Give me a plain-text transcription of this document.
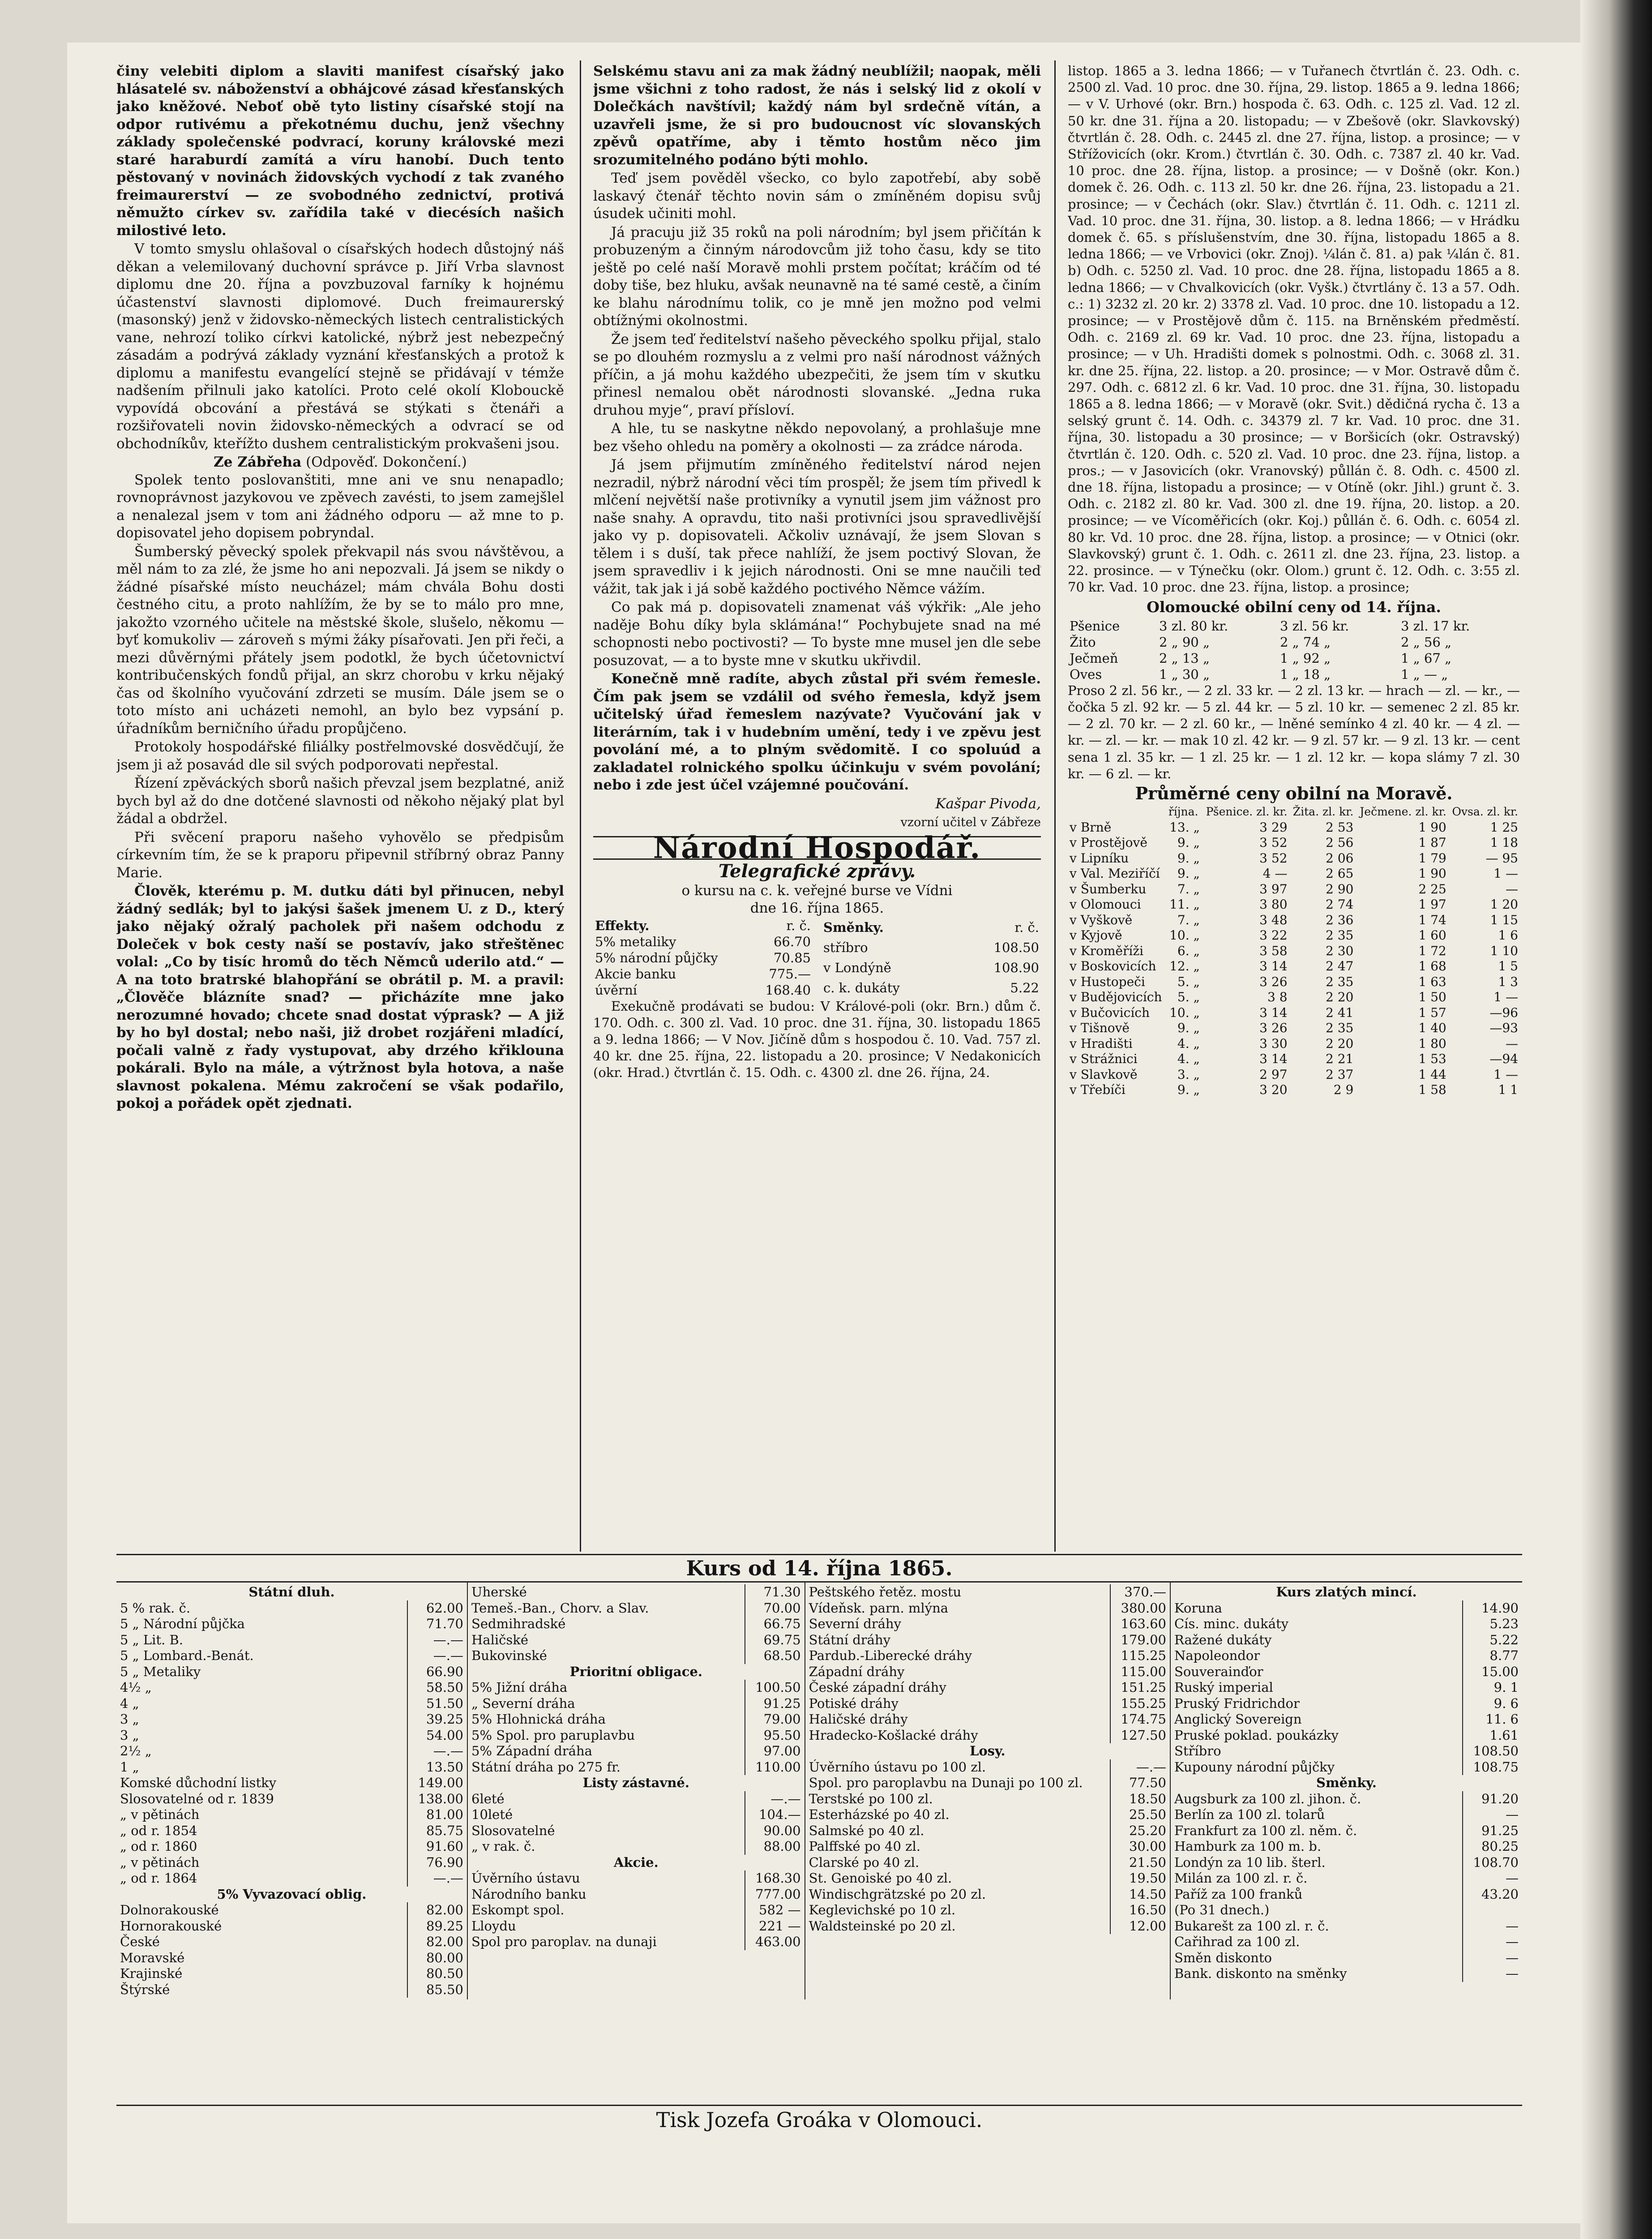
činy velebiti diplom a slaviti manifest císařský jako hlásatelé sv. náboženství a obhájcové zásad křesťanských jako kněžové. Neboť obě tyto listiny císařské stojí na odpor rutivému a překotnému duchu, jenž všechny základy společenské podvrací, koruny královské mezi staré haraburdí zamítá a víru hanobí. Duch tento pěstovaný v novinách židovských vychodí z tak zvaného freimaurerství — ze svobodného zednictví, protivá němužto církev sv. zařídila také v diecésích našich milostivé leto.

V tomto smyslu ohlašoval o císařských hodech důstojný náš děkan a velemilovaný duchovní správce p. Jiří Vrba slavnost diplomu dne 20. října a povzbuzoval farníky k hojnému účastenství slavnosti diplomové. Duch freimaurerský (masonský) jenž v židovsko-německých listech centralistických vane, nehrozí toliko církvi katolické, nýbrž jest nebezpečný zásadám a podrývá základy vyznání křesťanských a protož k diplomu a manifestu evangelící stejně se přidávají v témže nadšením přilnuli jako katolíci. Proto celé okolí Klobouckě vypovídá obcování a přestává se stýkati s čtenáři a rozšiřovateli novin židovsko-německých a odvrací se od obchodníkův, kteřížto dushem centralistickým prokvašeni jsou.

Ze Zábřeha (Odpověď. Dokončení.)

Spolek tento poslovanštiti, mne ani ve snu nenapadlo; rovnoprávnost jazykovou ve zpěvech zavésti, to jsem zamejšlel a nenalezal jsem v tom ani žádného odporu — až mne to p. dopisovatel jeho dopisem pobryndal.

Šumberský pěvecký spolek překvapil nás svou návštěvou, a měl nám to za zlé, že jsme ho ani nepozvali. Já jsem se nikdy o žádné písařské místo neucházel; mám chvála Bohu dosti čestného citu, a proto nahlížím, že by se to málo pro mne, jakožto vzorného učitele na městské škole, slušelo, někomu — byť komukoliv — zároveň s mými žáky písařovati. Jen při řeči, a mezi důvěrnými přátely jsem podotkl, že bych účetovnictví kontribučenských fondů přijal, an skrz chorobu v krku nějaký čas od školního vyučování zdrzeti se musím. Dále jsem se o toto místo ani ucházeti nemohl, an bylo bez vypsání p. úřadníkům berničního úřadu propůjčeno.

Protokoly hospodářské filiálky postřelmovské dosvědčují, že jsem ji až posavád dle sil svých podporovati nepřestal.

Řízení zpěváckých sborů našich převzal jsem bezplatné, aniž bych byl až do dne dotčené slavnosti od někoho nějaký plat byl žádal a obdržel.

Při svěcení praporu našeho vyhovělo se předpisům církevním tím, že se k praporu připevnil stříbrný obraz Panny Marie.

Člověk, kterému p. M. dutku dáti byl přinucen, nebyl žádný sedlák; byl to jakýsi šašek jmenem U. z D., který jako nějaký ožralý pacholek při našem odchodu z Doleček v bok cesty naší se postavív, jako střeštěnec volal: „Co by tisíc hromů do těch Němců uderilo atd.“ — A na toto bratrské blahopřání se obrátil p. M. a pravil: „Člověče blázníte snad? — přicházíte mne jako nerozumné hovado; chcete snad dostat výprask? — A již by ho byl dostal; nebo naši, již drobet rozjářeni mladící, počali valně z řady vystupovat, aby drzého křiklouna pokárali. Bylo na mále, a výtržnost byla hotova, a naše slavnost pokalena. Mému zakročení se však podařilo, pokoj a pořádek opět zjednati.

Selskému stavu ani za mak žádný neublížil; naopak, měli jsme všichni z toho radost, že nás i selský lid z okolí v Dolečkách navštívil; každý nám byl srdečně vítán, a uzavřeli jsme, že si pro budoucnost víc slovanských zpěvů opatříme, aby i těmto hostům něco jim srozumitelného podáno býti mohlo.

Teď jsem pověděl všecko, co bylo zapotřebí, aby sobě laskavý čtenář těchto novin sám o zmíněném dopisu svůj úsudek učiniti mohl.

Já pracuju již 35 roků na poli národním; byl jsem přičítán k probuzeným a činným národovcům již toho času, kdy se tito ještě po celé naší Moravě mohli prstem počítat; kráčím od té doby tiše, bez hluku, avšak neunavně na té samé cestě, a činím ke blahu národnímu tolik, co je mně jen možno pod velmi obtížnými okolnostmi.

Že jsem teď ředitelství našeho pěveckého spolku přijal, stalo se po dlouhém rozmyslu a z velmi pro naší národnost vážných příčin, a já mohu každého ubezpečiti, že jsem tím v skutku přinesl nemalou obět národnosti slovanské. „Jedna ruka druhou myje“, praví přísloví.

A hle, tu se naskytne někdo nepovolaný, a prohlašuje mne bez všeho ohledu na poměry a okolnosti — za zrádce národa.

Já jsem přijmutím zmíněného ředitelství národ nejen nezradil, nýbrž národní věci tím prospěl; že jsem tím přivedl k mlčení největší naše protivníky a vynutil jsem jim vážnost pro naše snahy. A opravdu, tito naši protivníci jsou spravedlivější jako vy p. dopisovateli. Ačkoliv uznávají, že jsem Slovan s tělem i s duší, tak přece nahlíží, že jsem poctivý Slovan, že jsem spravedliv i k jejich národnosti. Oni se mne naučili teď vážit, tak jak i já sobě každého poctivého Němce vážím.

Co pak má p. dopisovateli znamenat váš výkřik: „Ale jeho naděje Bohu díky byla sklámána!“ Pochybujete snad na mé schopnosti nebo poctivosti? — To byste mne musel jen dle sebe posuzovat, — a to byste mne v skutku ukřivdil.

Konečně mně radíte, abych zůstal při svém řemesle. Čím pak jsem se vzdálil od svého řemesla, když jsem učitelský úřad řemeslem nazývate? Vyučování jak v literárním, tak i v hudebním umění, tedy i ve zpěvu jest povolání mé, a to plným svědomitě. I co spoluúd a zakladatel rolnického spolku účinkuju v svém povolání; nebo i zde jest účel vzájemné poučování.

Kašpar Pivoda,

vzorní učitel v Zábřeze

Národní Hospodář.
Telegrafické zprávy.
o kursu na c. k. veřejné burse ve Vídni
dne 16. října 1865.
Effekty.	r. č.
5% metaliky	66.70
5% národní půjčky	70.85
Akcie banku	775.—
úvěrní	168.40
Směnky.	r. č.
stříbro	108.50
v Londýně	108.90
c. k. dukáty	5.22

Exekučně prodávati se budou: V Králové-poli (okr. Brn.) dům č. 170. Odh. c. 300 zl. Vad. 10 proc. dne 31. října, 30. listopadu 1865 a 9. ledna 1866; — V Nov. Jičíně dům s hospodou č. 10. Vad. 757 zl. 40 kr. dne 25. října, 22. listopadu a 20. prosince; V Nedakonicích (okr. Hrad.) čtvrtlán č. 15. Odh. c. 4300 zl. dne 26. října, 24.

listop. 1865 a 3. ledna 1866; — v Tuřanech čtvrtlán č. 23. Odh. c. 2500 zl. Vad. 10 proc. dne 30. října, 29. listop. 1865 a 9. ledna 1866; — v V. Urhové (okr. Brn.) hospoda č. 63. Odh. c. 125 zl. Vad. 12 zl. 50 kr. dne 31. října a 20. listopadu; — v Zbešově (okr. Slavkovský) čtvrtlán č. 28. Odh. c. 2445 zl. dne 27. října, listop. a prosince; — v Střížovicích (okr. Krom.) čtvrtlán č. 30. Odh. c. 7387 zl. 40 kr. Vad. 10 proc. dne 28. října, listop. a prosince; — v Došně (okr. Kon.) domek č. 26. Odh. c. 113 zl. 50 kr. dne 26. října, 23. listopadu a 21. prosince; — v Čechách (okr. Slav.) čtvrtlán č. 11. Odh. c. 1211 zl. Vad. 10 proc. dne 31. října, 30. listop. a 8. ledna 1866; — v Hrádku domek č. 65. s příslušenstvím, dne 30. října, listopadu 1865 a 8. ledna 1866; — ve Vrbovici (okr. Znoj). ¼lán č. 81. a) pak ¼lán č. 81. b) Odh. c. 5250 zl. Vad. 10 proc. dne 28. října, listopadu 1865 a 8. ledna 1866; — v Chvalkovicích (okr. Vyšk.) čtvrtlány č. 13 a 57. Odh. c.: 1) 3232 zl. 20 kr. 2) 3378 zl. Vad. 10 proc. dne 10. listopadu a 12. prosince; — v Prostějově dům č. 115. na Brněnském předměstí. Odh. c. 2169 zl. 69 kr. Vad. 10 proc. dne 23. října, listopadu a prosince; — v Uh. Hradišti domek s polnostmi. Odh. c. 3068 zl. 31. kr. dne 25. října, 22. listop. a 20. prosince; — v Mor. Ostravě dům č. 297. Odh. c. 6812 zl. 6 kr. Vad. 10 proc. dne 31. října, 30. listopadu 1865 a 8. ledna 1866; — v Moravě (okr. Svit.) dědičná rycha č. 13 a selský grunt č. 14. Odh. c. 34379 zl. 7 kr. Vad. 10 proc. dne 31. října, 30. listopadu a 30 prosince; — v Boršicích (okr. Ostravský) čtvrtlán č. 120. Odh. c. 520 zl. Vad. 10 proc. dne 23. října, listop. a pros.; — v Jasovicích (okr. Vranovský) půllán č. 8. Odh. c. 4500 zl. dne 18. října, listopadu a prosince; — v Otíně (okr. Jihl.) grunt č. 3. Odh. c. 2182 zl. 80 kr. Vad. 300 zl. dne 19. října, 20. listop. a 20. prosince; — ve Vícoměřicích (okr. Koj.) půllán č. 6. Odh. c. 6054 zl. 80 kr. Vd. 10 proc. dne 28. října, listop. a prosince; — v Otnici (okr. Slavkovský) grunt č. 1. Odh. c. 2611 zl. dne 23. října, 23. listop. a 22. prosince. — v Týnečku (okr. Olom.) grunt č. 12. Odh. c. 3:55 zl. 70 kr. Vad. 10 proc. dne 23. října, listop. a prosince;

Olomoucké obilní ceny od 14. října.
Pšenice	3 zl. 80 kr.	3 zl. 56 kr.	3 zl. 17 kr.
Žito	2 „ 90 „	2 „ 74 „	2 „ 56 „
Ječmeň	2 „ 13 „	1 „ 92 „	1 „ 67 „
Oves	1 „ 30 „	1 „ 18 „	1 „ — „

Proso 2 zl. 56 kr., — 2 zl. 33 kr. — 2 zl. 13 kr. — hrach — zl. — kr., — čočka 5 zl. 92 kr. — 5 zl. 44 kr. — 5 zl. 10 kr. — semenec 2 zl. 85 kr. — 2 zl. 70 kr. — 2 zl. 60 kr., — lněné semínko 4 zl. 40 kr. — 4 zl. — kr. — zl. — kr. — mak 10 zl. 42 kr. — 9 zl. 57 kr. — 9 zl. 13 kr. — cent sena 1 zl. 35 kr. — 1 zl. 25 kr. — 1 zl. 12 kr. — kopa slámy 7 zl. 30 kr. — 6 zl. — kr.

Průměrné ceny obilní na Moravě.
	října.	Pšenice. zl. kr.	Žita. zl. kr.	Ječmene. zl. kr.	Ovsa. zl. kr.
v Brně	13. „	3 29	2 53	1 90	1 25
v Prostějově	9. „	3 52	2 56	1 87	1 18
v Lipníku	9. „	3 52	2 06	1 79	— 95
v Val. Meziříčí	9. „	4 —	2 65	1 90	1 —
v Šumberku	7. „	3 97	2 90	2 25	—
v Olomouci	11. „	3 80	2 74	1 97	1 20
v Vyškově	7. „	3 48	2 36	1 74	1 15
v Kyjově	10. „	3 22	2 35	1 60	1 6
v Kroměříži	6. „	3 58	2 30	1 72	1 10
v Boskovicích	12. „	3 14	2 47	1 68	1 5
v Hustopeči	5. „	3 26	2 35	1 63	1 3
v Budějovicích	5. „	3 8	2 20	1 50	1 —
v Bučovicích	10. „	3 14	2 41	1 57	—96
v Tišnově	9. „	3 26	2 35	1 40	—93
v Hradišti	4. „	3 30	2 20	1 80	—
v Strážnici	4. „	3 14	2 21	1 53	—94
v Slavkově	3. „	2 97	2 37	1 44	1 —
v Třebíči	9. „	3 20	2 9	1 58	1 1
Kurs od 14. října 1865.
Státní dluh.
5 % rak. č.	62.00
5 „ Národní půjčka	71.70
5 „ Lit. B.	—.—
5 „ Lombard.-Benát.	—.—
5 „ Metaliky	66.90
4½ „	58.50
4 „	51.50
3 „	39.25
3 „	54.00
2½ „	—.—
1 „	13.50
Komské důchodní listky	149.00
Slosovatelné od r. 1839	138.00
„ v pětinách	81.00
„ od r. 1854	85.75
„ od r. 1860	91.60
„ v pětinách	76.90
„ od r. 1864	—.—
5% Vyvazovací oblig.
Dolnorakouské	82.00
Hornorakouské	89.25
České	82.00
Moravské	80.00
Krajinské	80.50
Štýrské	85.50
Uherské	71.30
Temeš.-Ban., Chorv. a Slav.	70.00
Sedmihradské	66.75
Haličské	69.75
Bukovinské	68.50
Prioritní obligace.
5% Jižní dráha	100.50
„ Severní dráha	91.25
5% Hlohnická dráha	79.00
5% Spol. pro paruplavbu	95.50
5% Západní dráha	97.00
Státní dráha po 275 fr.	110.00
Listy zástavné.
6leté	—.—
10leté	104.—
Slosovatelné	90.00
„ v rak. č.	88.00
Akcie.
Úvěrního ústavu	168.30
Národního banku	777.00
Eskompt spol.	582 —
Lloydu	221 —
Spol pro paroplav. na dunaji	463.00
Peštského řetěz. mostu	370.—
Vídeňsk. parn. mlýna	380.00
Severní dráhy	163.60
Státní dráhy	179.00
Pardub.-Liberecké dráhy	115.25
Západní dráhy	115.00
České západní dráhy	151.25
Potiské dráhy	155.25
Haličské dráhy	174.75
Hradecko-Košlacké dráhy	127.50
Losy.
Úvěrního ústavu po 100 zl.	—.—
Spol. pro paroplavbu na Dunaji po 100 zl.	77.50
Terstské po 100 zl.	18.50
Esterházské po 40 zl.	25.50
Salmské po 40 zl.	25.20
Palffské po 40 zl.	30.00
Clarské po 40 zl.	21.50
St. Genoiské po 40 zl.	19.50
Windischgrätzské po 20 zl.	14.50
Keglevichské po 10 zl.	16.50
Waldsteinské po 20 zl.	12.00
Kurs zlatých mincí.
Koruna	14.90
Cís. minc. dukáty	5.23
Ražené dukáty	5.22
Napoleondor	8.77
Souverainďor	15.00
Ruský imperial	9. 1
Pruský Fridrichdor	9. 6
Anglický Sovereign	11. 6
Pruské poklad. poukázky	1.61
Stříbro	108.50
Kupouny národní půjčky	108.75
Směnky.
Augsburk za 100 zl. jihon. č.	91.20
Berlín za 100 zl. tolarů	—
Frankfurt za 100 zl. něm. č.	91.25
Hamburk za 100 m. b.	80.25
Londýn za 10 lib. šterl.	108.70
Milán za 100 zl. r. č.	—
Paříž za 100 franků	43.20
(Po 31 dnech.)
Bukarešt za 100 zl. r. č.	—
Cařihrad za 100 zl.	—
Směn diskonto	—
Bank. diskonto na směnky	—
Tisk Jozefa Groáka v Olomouci.
